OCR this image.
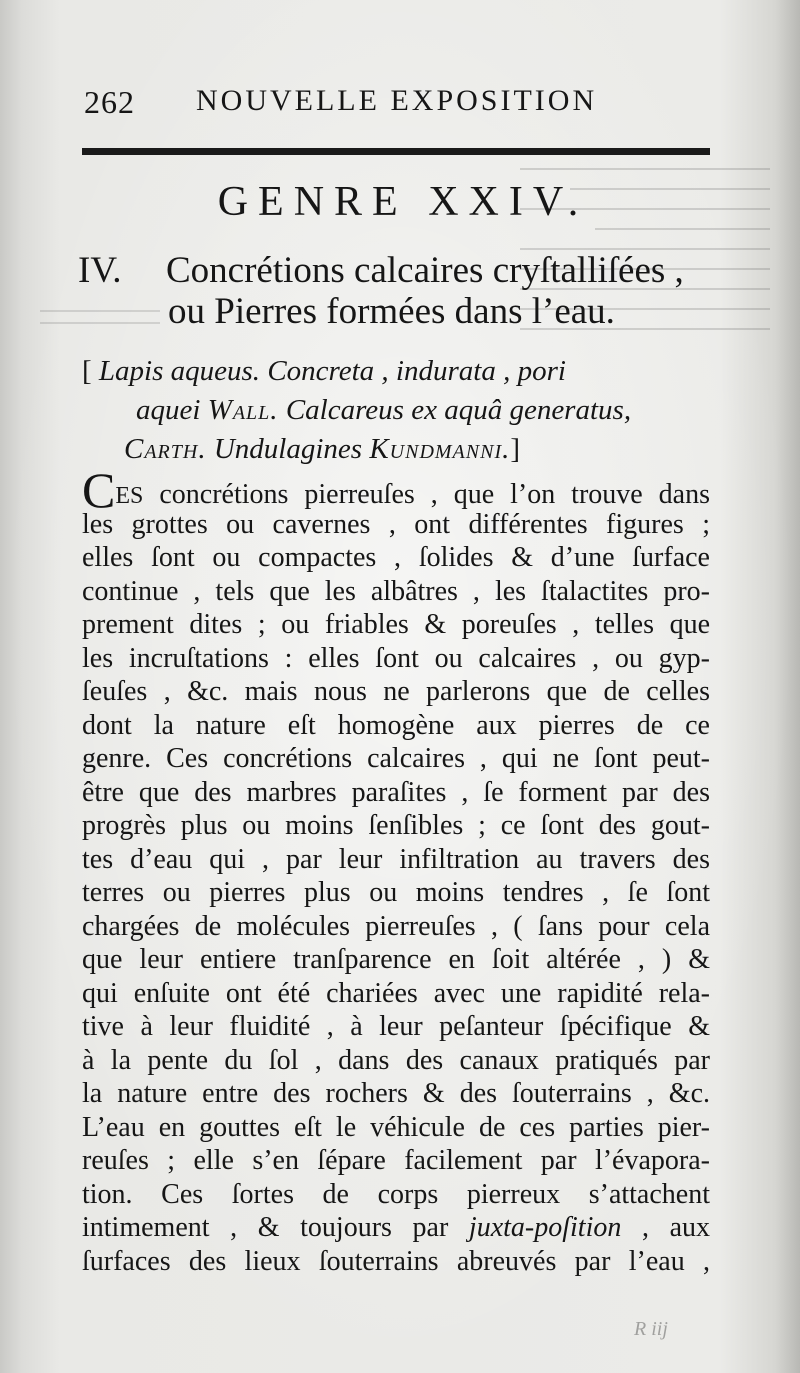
262 NOUVELLE EXPOSITION
GENRE XXIV.
IV. Concrétions calcaires cryſtalliſées ,
ou Pierres formées dans l’eau.
[ Lapis aqueus. Concreta , indurata , pori
aquei Wall. Calcareus ex aquâ generatus,
Carth. Undulagines Kundmanni.]
CES concrétions pierreuſes , que l’on trouve dans
les grottes ou cavernes , ont différentes figures ;
elles ſont ou compactes , ſolides & d’une ſurface
continue , tels que les albâtres , les ſtalactites pro-
prement dites ; ou friables & poreuſes , telles que
les incruſtations : elles ſont ou calcaires , ou gyp-
ſeuſes , &c. mais nous ne parlerons que de celles
dont la nature eſt homogène aux pierres de ce
genre. Ces concrétions calcaires , qui ne ſont peut-
être que des marbres paraſites , ſe forment par des
progrès plus ou moins ſenſibles ; ce ſont des gout-
tes d’eau qui , par leur infiltration au travers des
terres ou pierres plus ou moins tendres , ſe ſont
chargées de molécules pierreuſes , ( ſans pour cela
que leur entiere tranſparence en ſoit altérée , ) &
qui enſuite ont été chariées avec une rapidité rela-
tive à leur fluidité , à leur peſanteur ſpécifique &
à la pente du ſol , dans des canaux pratiqués par
la nature entre des rochers & des ſouterrains , &c.
L’eau en gouttes eſt le véhicule de ces parties pier-
reuſes ; elle s’en ſépare facilement par l’évapora-
tion. Ces ſortes de corps pierreux s’attachent
intimement , & toujours par juxta-poſition , aux
ſurfaces des lieux ſouterrains abreuvés par l’eau ,
R iij
